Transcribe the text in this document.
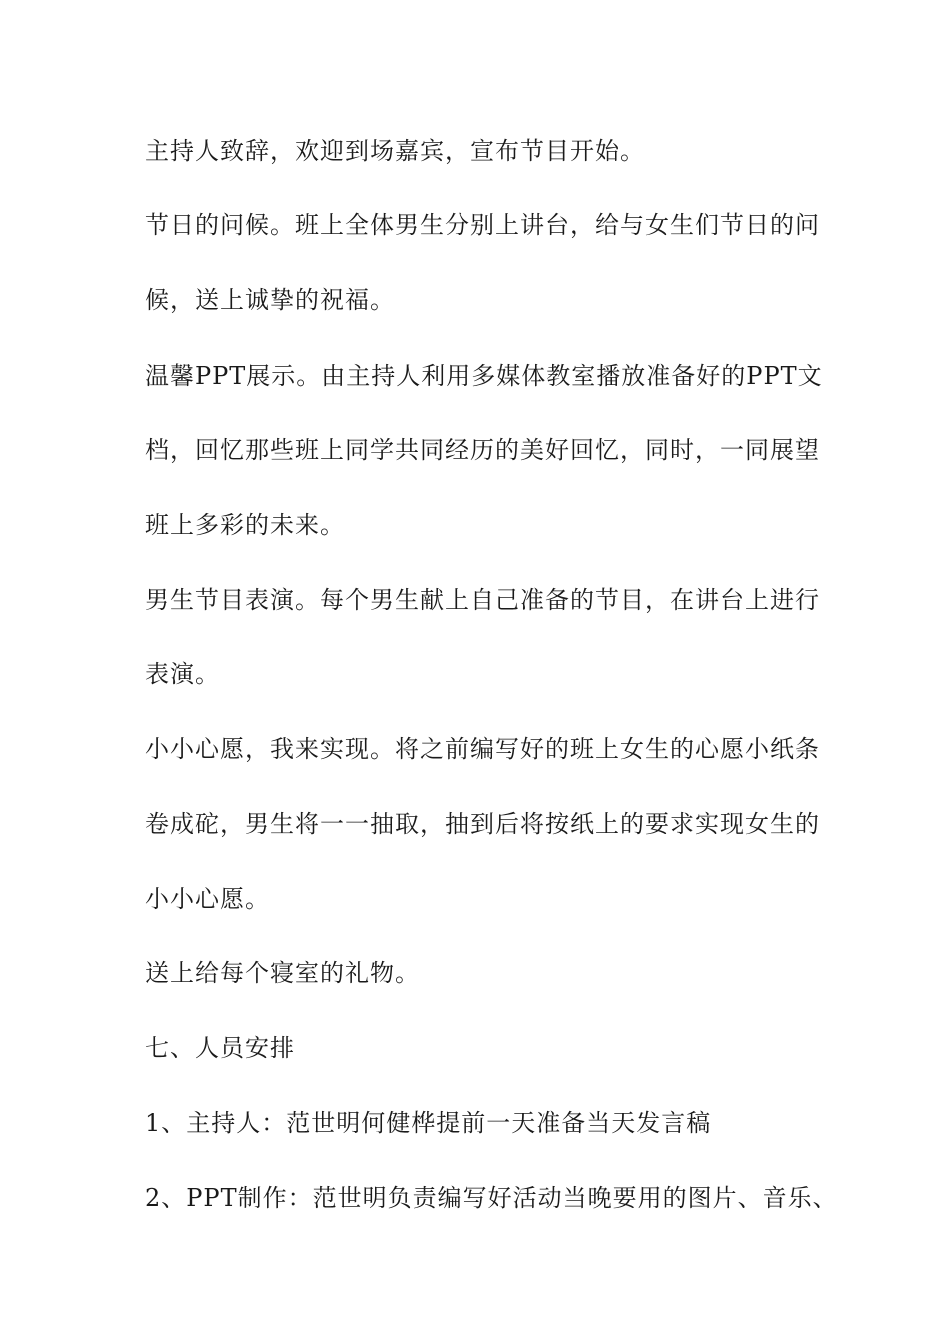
主持人致辞，欢迎到场嘉宾，宣布节目开始。
节日的问候。班上全体男生分别上讲台，给与女生们节日的问
候，送上诚挚的祝福。
温馨PPT展示。由主持人利用多媒体教室播放准备好的PPT文
档，回忆那些班上同学共同经历的美好回忆，同时，一同展望
班上多彩的未来。
男生节目表演。每个男生献上自己准备的节目，在讲台上进行
表演。
小小心愿，我来实现。将之前编写好的班上女生的心愿小纸条
卷成砣，男生将一一抽取，抽到后将按纸上的要求实现女生的
小小心愿。
送上给每个寝室的礼物。
七、人员安排
1、主持人：范世明何健桦提前一天准备当天发言稿
2、PPT制作：范世明负责编写好活动当晚要用的图片、音乐、
